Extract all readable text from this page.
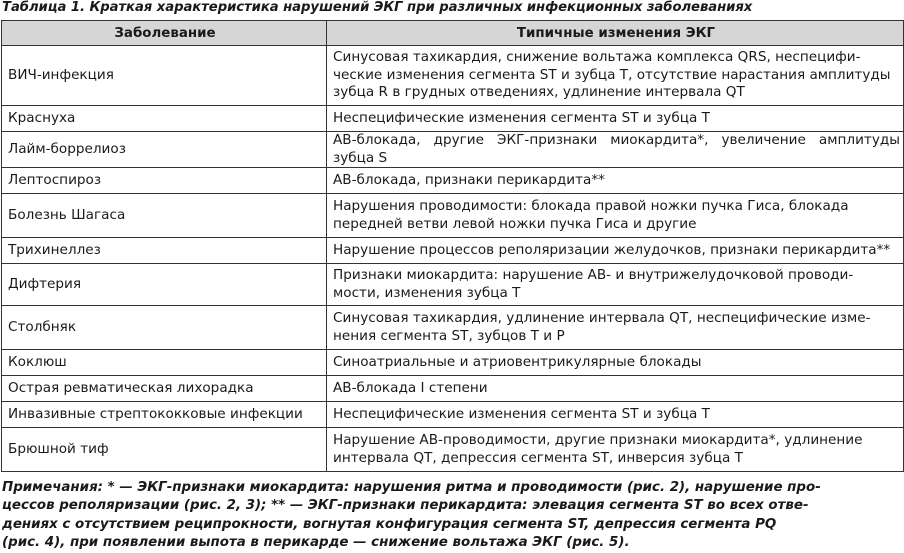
Таблица 1. Краткая характеристика нарушений ЭКГ при различных инфекционных заболеваниях
Заболевание	Типичные изменения ЭКГ
ВИЧ-инфекция	Синусовая тахикардия, снижение вольтажа комплекса QRS, неспецифи-
ческие изменения сегмента ST и зубца T, отсутствие нарастания амплитуды
зубца R в грудных отведениях, удлинение интервала QT

Краснуха	Неспецифические изменения сегмента ST и зубца T

Лайм-боррелиоз	АВ-блокада, другие ЭКГ-признаки миокардита*, увеличение амплитуды зубца S

Лептоспироз	АВ-блокада, признаки перикардита**

Болезнь Шагаса	Нарушения проводимости: блокада правой ножки пучка Гиса, блокада
передней ветви левой ножки пучка Гиса и другие

Трихинеллез	Нарушение процессов реполяризации желудочков, признаки перикардита**

Дифтерия	Признаки миокардита: нарушение АВ- и внутрижелудочковой проводи-
мости, изменения зубца T

Столбняк	Синусовая тахикардия, удлинение интервала QT, неспецифические изме-
нения сегмента ST, зубцов T и P

Коклюш	Синоатриальные и атриовентрикулярные блокады

Острая ревматическая лихорадка	АВ-блокада I степени

Инвазивные стрептококковые инфекции	Неспецифические изменения сегмента ST и зубца T

Брюшной тиф	Нарушение АВ-проводимости, другие признаки миокардита*, удлинение
интервала QT, депрессия сегмента ST, инверсия зубца T
Примечания: * — ЭКГ-признаки миокардита: нарушения ритма и проводимости (рис. 2), нарушение про-
цессов реполяризации (рис. 2, 3); ** — ЭКГ-признаки перикардита: элевация сегмента ST во всех отве-
дениях с отсутствием реципрокности, вогнутая конфигурация сегмента ST, депрессия сегмента PQ
(рис. 4), при появлении выпота в перикарде — снижение вольтажа ЭКГ (рис. 5).
